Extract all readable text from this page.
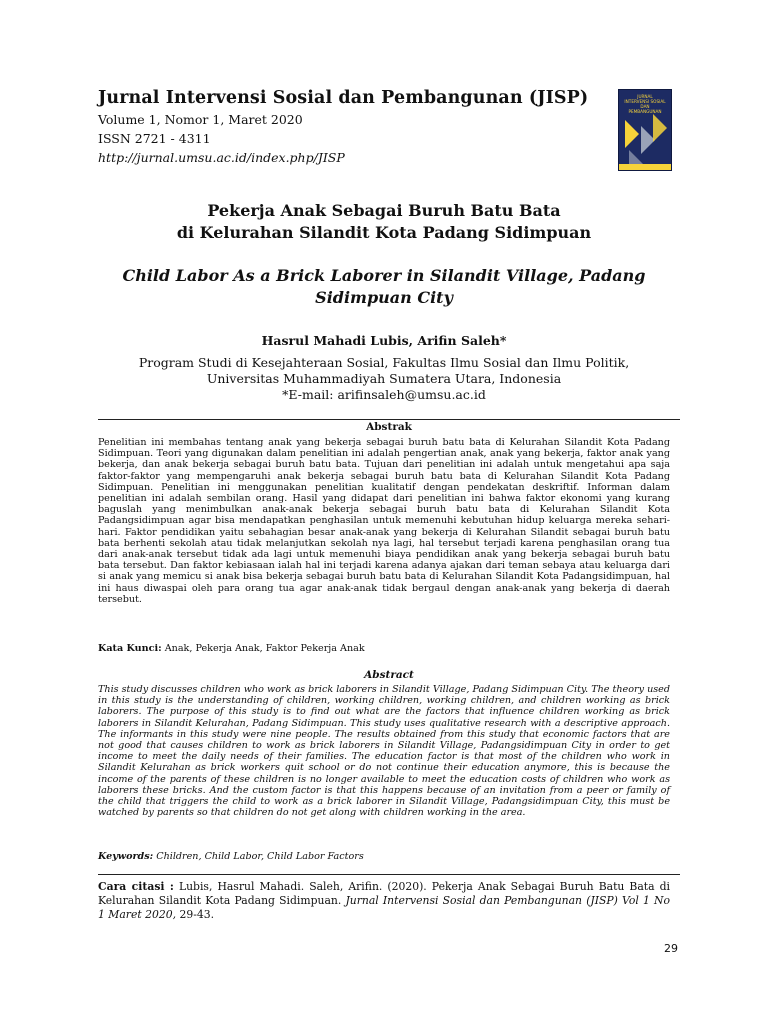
Jurnal Intervensi Sosial dan Pembangunan (JISP)
Volume 1, Nomor 1, Maret 2020
ISSN 2721 - 4311
http://jurnal.umsu.ac.id/index.php/JISP
JURNAL
INTERVENSI SOSIAL
DAN
PEMBANGUNAN
Pekerja Anak Sebagai Buruh Batu Bata
di Kelurahan Silandit Kota Padang Sidimpuan
Child Labor As a Brick Laborer in Silandit Village, Padang
Sidimpuan City
Hasrul Mahadi Lubis, Arifin Saleh*
Program Studi di Kesejahteraan Sosial, Fakultas Ilmu Sosial dan Ilmu Politik,
Universitas Muhammadiyah Sumatera Utara, Indonesia
*E-mail: arifinsaleh@umsu.ac.id
Abstrak
Penelitian ini membahas tentang anak yang bekerja sebagai buruh batu bata di Kelurahan Silandit Kota Padang Sidimpuan. Teori yang digunakan dalam penelitian ini adalah pengertian anak, anak yang bekerja, faktor anak yang bekerja, dan anak bekerja sebagai buruh batu bata. Tujuan dari penelitian ini adalah untuk mengetahui apa saja faktor-faktor yang mempengaruhi anak bekerja sebagai buruh batu bata di Kelurahan Silandit Kota Padang Sidimpuan. Penelitian ini menggunakan penelitian kualitatif dengan pendekatan deskriftif. Informan dalam penelitian ini adalah sembilan orang. Hasil yang didapat dari penelitian ini bahwa faktor ekonomi yang kurang baguslah yang menimbulkan anak-anak bekerja sebagai buruh batu bata di Kelurahan Silandit Kota Padangsidimpuan agar bisa mendapatkan penghasilan untuk memenuhi kebutuhan hidup keluarga mereka sehari-hari. Faktor pendidikan yaitu sebahagian besar anak-anak yang bekerja di Kelurahan Silandit sebagai buruh batu bata berhenti sekolah atau tidak melanjutkan sekolah nya lagi, hal tersebut terjadi karena penghasilan orang tua dari anak-anak tersebut tidak ada lagi untuk memenuhi biaya pendidikan anak yang bekerja sebagai buruh batu bata tersebut. Dan faktor kebiasaan ialah hal ini terjadi karena adanya ajakan dari teman sebaya atau keluarga dari si anak yang memicu si anak bisa bekerja sebagai buruh batu bata di Kelurahan Silandit Kota Padangsidimpuan, hal ini haus diwaspai oleh para orang tua agar anak-anak tidak bergaul dengan anak-anak yang bekerja di daerah tersebut.
Kata Kunci: Anak, Pekerja Anak, Faktor Pekerja Anak
Abstract
This study discusses children who work as brick laborers in Silandit Village, Padang Sidimpuan City. The theory used in this study is the understanding of children, working children, working children, and children working as brick laborers. The purpose of this study is to find out what are the factors that influence children working as brick laborers in Silandit Kelurahan, Padang Sidimpuan. This study uses qualitative research with a descriptive approach. The informants in this study were nine people. The results obtained from this study that economic factors that are not good that causes children to work as brick laborers in Silandit Village, Padangsidimpuan City in order to get income to meet the daily needs of their families. The education factor is that most of the children who work in Silandit Kelurahan as brick workers quit school or do not continue their education anymore, this is because the income of the parents of these children is no longer available to meet the education costs of children who work as laborers these bricks. And the custom factor is that this happens because of an invitation from a peer or family of the child that triggers the child to work as a brick laborer in Silandit Village, Padangsidimpuan City, this must be watched by parents so that children do not get along with children working in the area.
Keywords: Children, Child Labor, Child Labor Factors
Cara citasi : Lubis, Hasrul Mahadi. Saleh, Arifin. (2020). Pekerja Anak Sebagai Buruh Batu Bata di Kelurahan Silandit Kota Padang Sidimpuan. Jurnal Intervensi Sosial dan Pembangunan (JISP) Vol 1 No 1 Maret 2020, 29-43.
29
